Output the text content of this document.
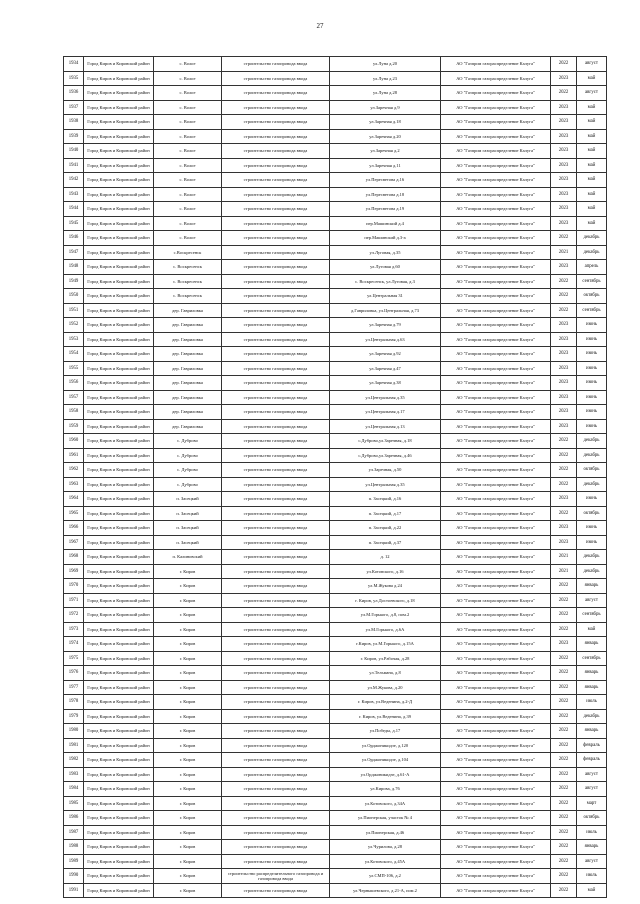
27
1934	Город Киров и Кировский район	с. Волое	строительство газопровода ввода	ул.Луна д.20	АО "Газпром газораспределение Калуга"	2022	август
1935	Город Киров и Кировский район	с. Волое	строительство газопровода ввода	ул.Луна д.23	АО "Газпром газораспределение Калуга"	2023	май
1936	Город Киров и Кировский район	с. Волое	строительство газопровода ввода	ул.Луна д.28	АО "Газпром газораспределение Калуга"	2022	август
1937	Город Киров и Кировский район	с. Волое	строительство газопровода ввода	ул.Заречная д.9	АО "Газпром газораспределение Калуга"	2023	май
1938	Город Киров и Кировский район	с. Волое	строительство газопровода ввода	ул.Заречная д.18	АО "Газпром газораспределение Калуга"	2023	май
1939	Город Киров и Кировский район	с. Волое	строительство газопровода ввода	ул.Заречная д.20	АО "Газпром газораспределение Калуга"	2023	май
1940	Город Киров и Кировский район	с. Волое	строительство газопровода ввода	ул.Заречная д.2	АО "Газпром газораспределение Калуга"	2023	май
1941	Город Киров и Кировский район	с. Волое	строительство газопровода ввода	ул.Заречная д.11	АО "Газпром газораспределение Калуга"	2023	май
1942	Город Киров и Кировский район	с. Волое	строительство газопровода ввода	ул.Пересветова д.16	АО "Газпром газораспределение Калуга"	2023	май
1943	Город Киров и Кировский район	с. Волое	строительство газопровода ввода	ул.Пересветова д.18	АО "Газпром газораспределение Калуга"	2023	май
1944	Город Киров и Кировский район	с. Волое	строительство газопровода ввода	ул.Пересветова д.19	АО "Газпром газораспределение Калуга"	2023	май
1945	Город Киров и Кировский район	с. Волое	строительство газопровода ввода	пер.Машинский д.4	АО "Газпром газораспределение Калуга"	2023	май
1946	Город Киров и Кировский район	с. Волое	строительство газопровода ввода	пер.Машинский д.3-а	АО "Газпром газораспределение Калуга"	2022	декабрь
1947	Город Киров и Кировский район	с.Воскресенск	строительство газопровода ввода	ул.Луговая, д.35	АО "Газпром газораспределение Калуга"	2021	декабрь
1948	Город Киров и Кировский район	с. Воскресенск	строительство газопровода ввода	ул.Луговая д.60	АО "Газпром газораспределение Калуга"	2023	апрель
1949	Город Киров и Кировский район	с. Воскресенск	строительство газопровода ввода	с. Воскресенск, ул.Луговая, д.3	АО "Газпром газораспределение Калуга"	2022	сентябрь
1950	Город Киров и Кировский район	с. Воскресенск	строительство газопровода ввода	ул.Центральная 31	АО "Газпром газораспределение Калуга"	2022	октябрь
1951	Город Киров и Кировский район	дер. Гавриловка	строительство газопровода ввода	д.Гавриловка, ул.Центральная, д.73	АО "Газпром газораспределение Калуга"	2022	сентябрь
1952	Город Киров и Кировский район	дер. Гавриловка	строительство газопровода ввода	ул.Заречная д.79	АО "Газпром газораспределение Калуга"	2023	июнь
1953	Город Киров и Кировский район	дер. Гавриловка	строительство газопровода ввода	ул.Центральная д.63	АО "Газпром газораспределение Калуга"	2023	июнь
1954	Город Киров и Кировский район	дер. Гавриловка	строительство газопровода ввода	ул.Заречная д.92	АО "Газпром газораспределение Калуга"	2023	июнь
1955	Город Киров и Кировский район	дер. Гавриловка	строительство газопровода ввода	ул.Заречная д.47	АО "Газпром газораспределение Калуга"	2023	июнь
1956	Город Киров и Кировский район	дер. Гавриловка	строительство газопровода ввода	ул.Заречная д.38	АО "Газпром газораспределение Калуга"	2023	июнь
1957	Город Киров и Кировский район	дер. Гавриловка	строительство газопровода ввода	ул.Центральная д.35	АО "Газпром газораспределение Калуга"	2023	июнь
1958	Город Киров и Кировский район	дер. Гавриловка	строительство газопровода ввода	ул.Центральная д.17	АО "Газпром газораспределение Калуга"	2023	июнь
1959	Город Киров и Кировский район	дер. Гавриловка	строительство газопровода ввода	ул.Центральная д.13	АО "Газпром газораспределение Калуга"	2023	июнь
1960	Город Киров и Кировский район	с. Дуброво	строительство газопровода ввода	с.Дуброво,ул.Заречная, д.18	АО "Газпром газораспределение Калуга"	2022	декабрь
1961	Город Киров и Кировский район	с. Дуброво	строительство газопровода ввода	с.Дуброво,ул.Заречная, д.46	АО "Газпром газораспределение Калуга"	2022	декабрь
1962	Город Киров и Кировский район	с. Дуброво	строительство газопровода ввода	ул.Заречная, д.50	АО "Газпром газораспределение Калуга"	2022	октябрь
1963	Город Киров и Кировский район	с. Дуброво	строительство газопровода ввода	ул.Центральная д.35	АО "Газпром газораспределение Калуга"	2022	декабрь
1964	Город Киров и Кировский район	п. Засецкий	строительство газопровода ввода	п. Засецкий, д.16	АО "Газпром газораспределение Калуга"	2023	июнь
1965	Город Киров и Кировский район	п. Засецкий	строительство газопровода ввода	п. Засецкий, д.17	АО "Газпром газораспределение Калуга"	2022	октябрь
1966	Город Киров и Кировский район	п. Засецкий	строительство газопровода ввода	п. Засецкий, д.22	АО "Газпром газораспределение Калуга"	2023	июнь
1967	Город Киров и Кировский район	п. Засецкий	строительство газопровода ввода	п. Засецкий, д.37	АО "Газпром газораспределение Калуга"	2023	июнь
1968	Город Киров и Кировский район	п. Калиновский	строительство газопровода ввода	д. 12	АО "Газпром газораспределение Калуга"	2021	декабрь
1969	Город Киров и Кировский район	г. Киров	строительство газопровода ввода	ул.Котовского, д.16	АО "Газпром газораспределение Калуга"	2021	декабрь
1970	Город Киров и Кировский район	г. Киров	строительство газопровода ввода	ул.М.Жукова д.24	АО "Газпром газораспределение Калуга"	2022	январь
1971	Город Киров и Кировский район	г. Киров	строительство газопровода ввода	г. Киров, ул.Достоевского, д.18	АО "Газпром газораспределение Калуга"	2022	август
1972	Город Киров и Кировский район	г. Киров	строительство газопровода ввода	ул.М.Горького, д.8, пом.2	АО "Газпром газораспределение Калуга"	2022	сентябрь
1973	Город Киров и Кировский район	г. Киров	строительство газопровода ввода	ул.М.Горького, д.6А	АО "Газпром газораспределение Калуга"	2022	май
1974	Город Киров и Кировский район	г. Киров	строительство газопровода ввода	г.Киров, ул.М.Горького, д.15А	АО "Газпром газораспределение Калуга"	2023	январь
1975	Город Киров и Кировский район	г. Киров	строительство газопровода ввода	г. Киров, ул.Рабочая, д.28	АО "Газпром газораспределение Калуга"	2022	сентябрь
1976	Город Киров и Кировский район	г. Киров	строительство газопровода ввода	ул.Тельмана, д.8	АО "Газпром газораспределение Калуга"	2022	январь
1977	Город Киров и Кировский район	г. Киров	строительство газопровода ввода	ул.М.Жукова, д.20	АО "Газпром газораспределение Калуга"	2022	январь
1978	Город Киров и Кировский район	г. Киров	строительство газопровода ввода	г. Киров, ул.Веденина, д.2-Д	АО "Газпром газораспределение Калуга"	2022	июль
1979	Город Киров и Кировский район	г. Киров	строительство газопровода ввода	г. Киров, ул.Веденина, д.39	АО "Газпром газораспределение Калуга"	2022	декабрь
1980	Город Киров и Кировский район	г. Киров	строительство газопровода ввода	ул.Победы, д.17	АО "Газпром газораспределение Калуга"	2022	январь
1981	Город Киров и Кировский район	г. Киров	строительство газопровода ввода	ул.Орджоникидзе, д.120	АО "Газпром газораспределение Калуга"	2022	февраль
1982	Город Киров и Кировский район	г. Киров	строительство газопровода ввода	ул.Орджоникидзе, д.104	АО "Газпром газораспределение Калуга"	2022	февраль
1983	Город Киров и Кировский район	г. Киров	строительство газопровода ввода	ул.Орджоникидзе, д.61-А	АО "Газпром газораспределение Калуга"	2022	август
1984	Город Киров и Кировский район	г. Киров	строительство газопровода ввода	ул.Кирова, д.76	АО "Газпром газораспределение Калуга"	2022	август
1985	Город Киров и Кировский район	г. Киров	строительство газопровода ввода	ул.Котовского, д.34А	АО "Газпром газораспределение Калуга"	2022	март
1986	Город Киров и Кировский район	г. Киров	строительство газопровода ввода	ул.Пионерская, участок № 4	АО "Газпром газораспределение Калуга"	2022	октябрь
1987	Город Киров и Кировский район	г. Киров	строительство газопровода ввода	ул.Пионерская, д.46	АО "Газпром газораспределение Калуга"	2022	июль
1988	Город Киров и Кировский район	г. Киров	строительство газопровода ввода	ул.Чуриловa, д.28	АО "Газпром газораспределение Калуга"	2022	январь
1989	Город Киров и Кировский район	г. Киров	строительство газопровода ввода	ул.Котовского, д.45А	АО "Газпром газораспределение Калуга"	2022	август
1990	Город Киров и Кировский район	г. Киров	строительство распределительного газопровода и газопровода ввода	ул.СМП-106, д.2	АО "Газпром газораспределение Калуга"	2022	июль
1991	Город Киров и Кировский район	г. Киров	строительство газопровода ввода	ул.Чернышевского, д.21-А, пом.2	АО "Газпром газораспределение Калуга"	2022	май
